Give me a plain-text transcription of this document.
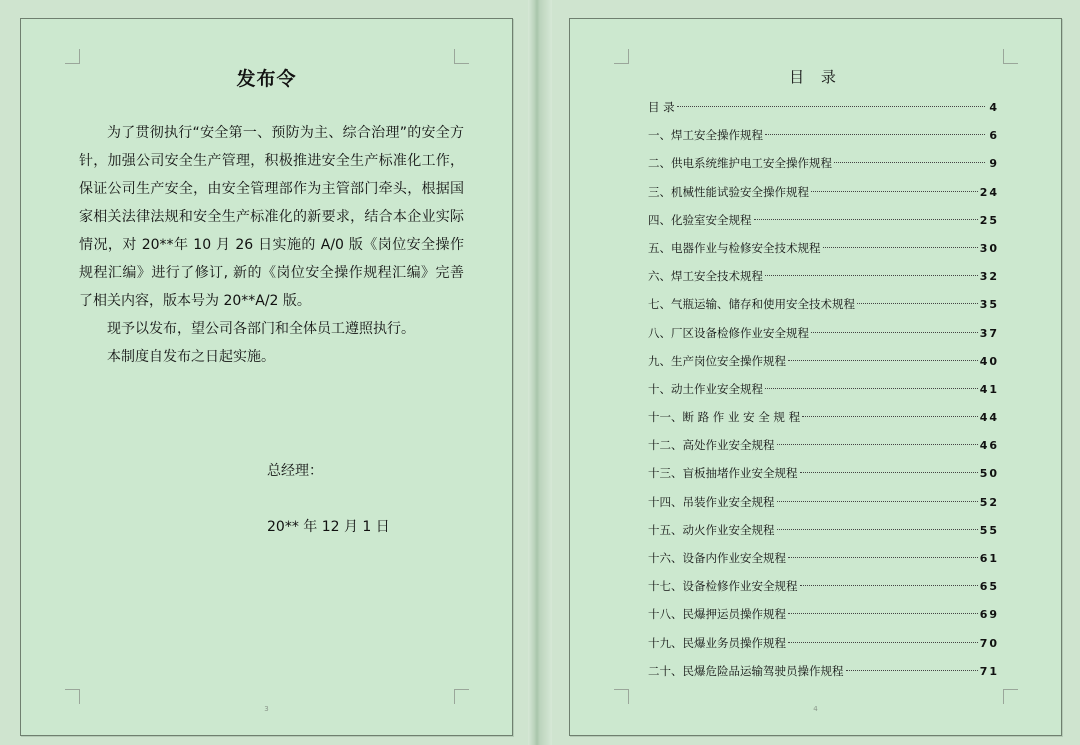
发布令

为了贯彻执行“安全第一、预防为主、综合治理”的安全方针，加强公司安全生产管理，积极推进安全生产标准化工作，保证公司生产安全，由安全管理部作为主管部门牵头，根据国家相关法律法规和安全生产标准化的新要求，结合本企业实际情况，对 20**年 10 月 26 日实施的 A/0 版《岗位安全操作规程汇编》进行了修订, 新的《岗位安全操作规程汇编》完善了相关内容，版本号为 20**A/2 版。

现予以发布，望公司各部门和全体员工遵照执行。

本制度自发布之日起实施。

总经理：
20** 年 12 月 1 日
3
目 录
目 录	4
一、焊工安全操作规程	6
二、供电系统维护电工安全操作规程	9
三、机械性能试验安全操作规程	24
四、化验室安全规程	25
五、电器作业与检修安全技术规程	30
六、焊工安全技术规程	32
七、气瓶运输、储存和使用安全技术规程	35
八、厂区设备检修作业安全规程	37
九、生产岗位安全操作规程	40
十、动土作业安全规程	41
十一、断 路 作 业 安 全 规 程	44
十二、高处作业安全规程	46
十三、盲板抽堵作业安全规程	50
十四、吊装作业安全规程	52
十五、动火作业安全规程	55
十六、设备内作业安全规程	61
十七、设备检修作业安全规程	65
十八、民爆押运员操作规程	69
十九、民爆业务员操作规程	70
二十、民爆危险品运输驾驶员操作规程	71
4
